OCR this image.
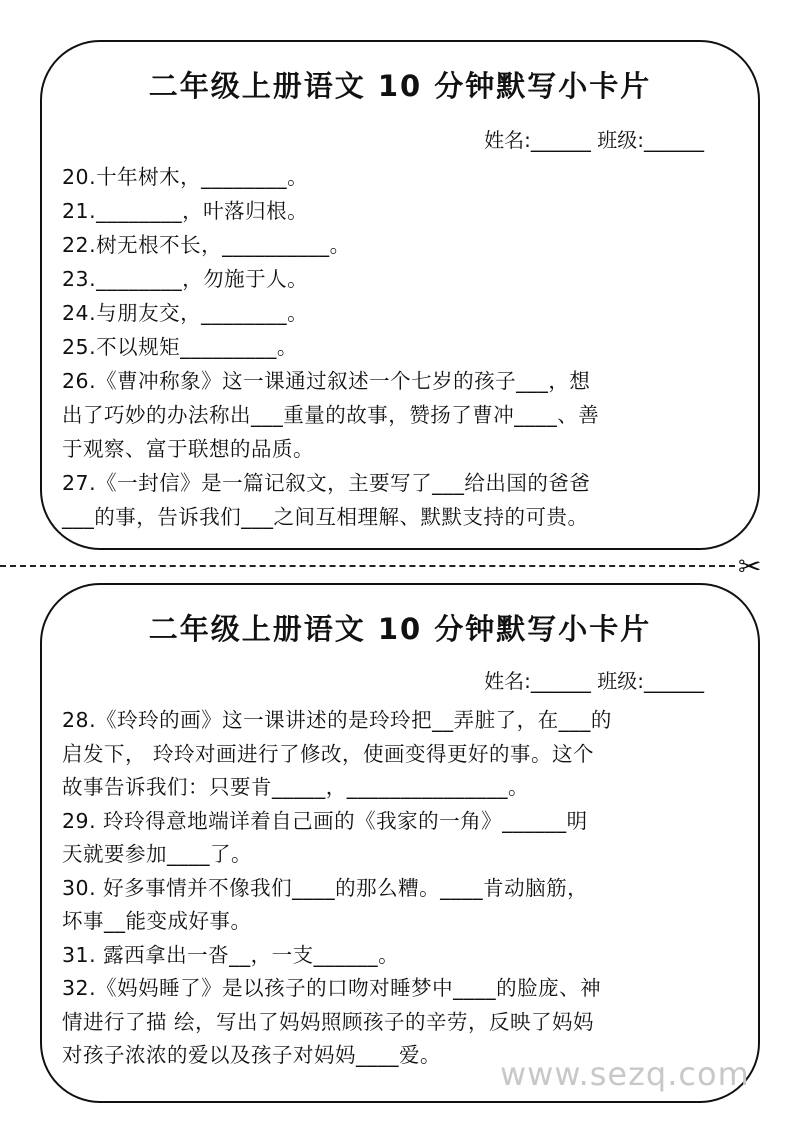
二年级上册语文 10 分钟默写小卡片
姓名:______ 班级:______
20.十年树木，________。
21.________，叶落归根。
22.树无根不长，__________。
23.________，勿施于人。
24.与朋友交，________。
25.不以规矩_________。
26.《曹冲称象》这一课通过叙述一个七岁的孩子___，想
出了巧妙的办法称出___重量的故事，赞扬了曹冲____、善
于观察、富于联想的品质。
27.《一封信》是一篇记叙文，主要写了___给出国的爸爸
___的事，告诉我们___之间互相理解、默默支持的可贵。
✂
二年级上册语文 10 分钟默写小卡片
姓名:______ 班级:______
28.《玲玲的画》这一课讲述的是玲玲把__弄脏了，在___的
启发下， 玲玲对画进行了修改，使画变得更好的事。这个
故事告诉我们：只要肯_____，_______________。
29. 玲玲得意地端详着自己画的《我家的一角》______明
天就要参加____了。
30. 好多事情并不像我们____的那么糟。____肯动脑筋，
坏事__能变成好事。
31. 露西拿出一沓__，一支______。
32.《妈妈睡了》是以孩子的口吻对睡梦中____的脸庞、神
情进行了描 绘，写出了妈妈照顾孩子的辛劳，反映了妈妈
对孩子浓浓的爱以及孩子对妈妈____爱。 www.sezq.com
